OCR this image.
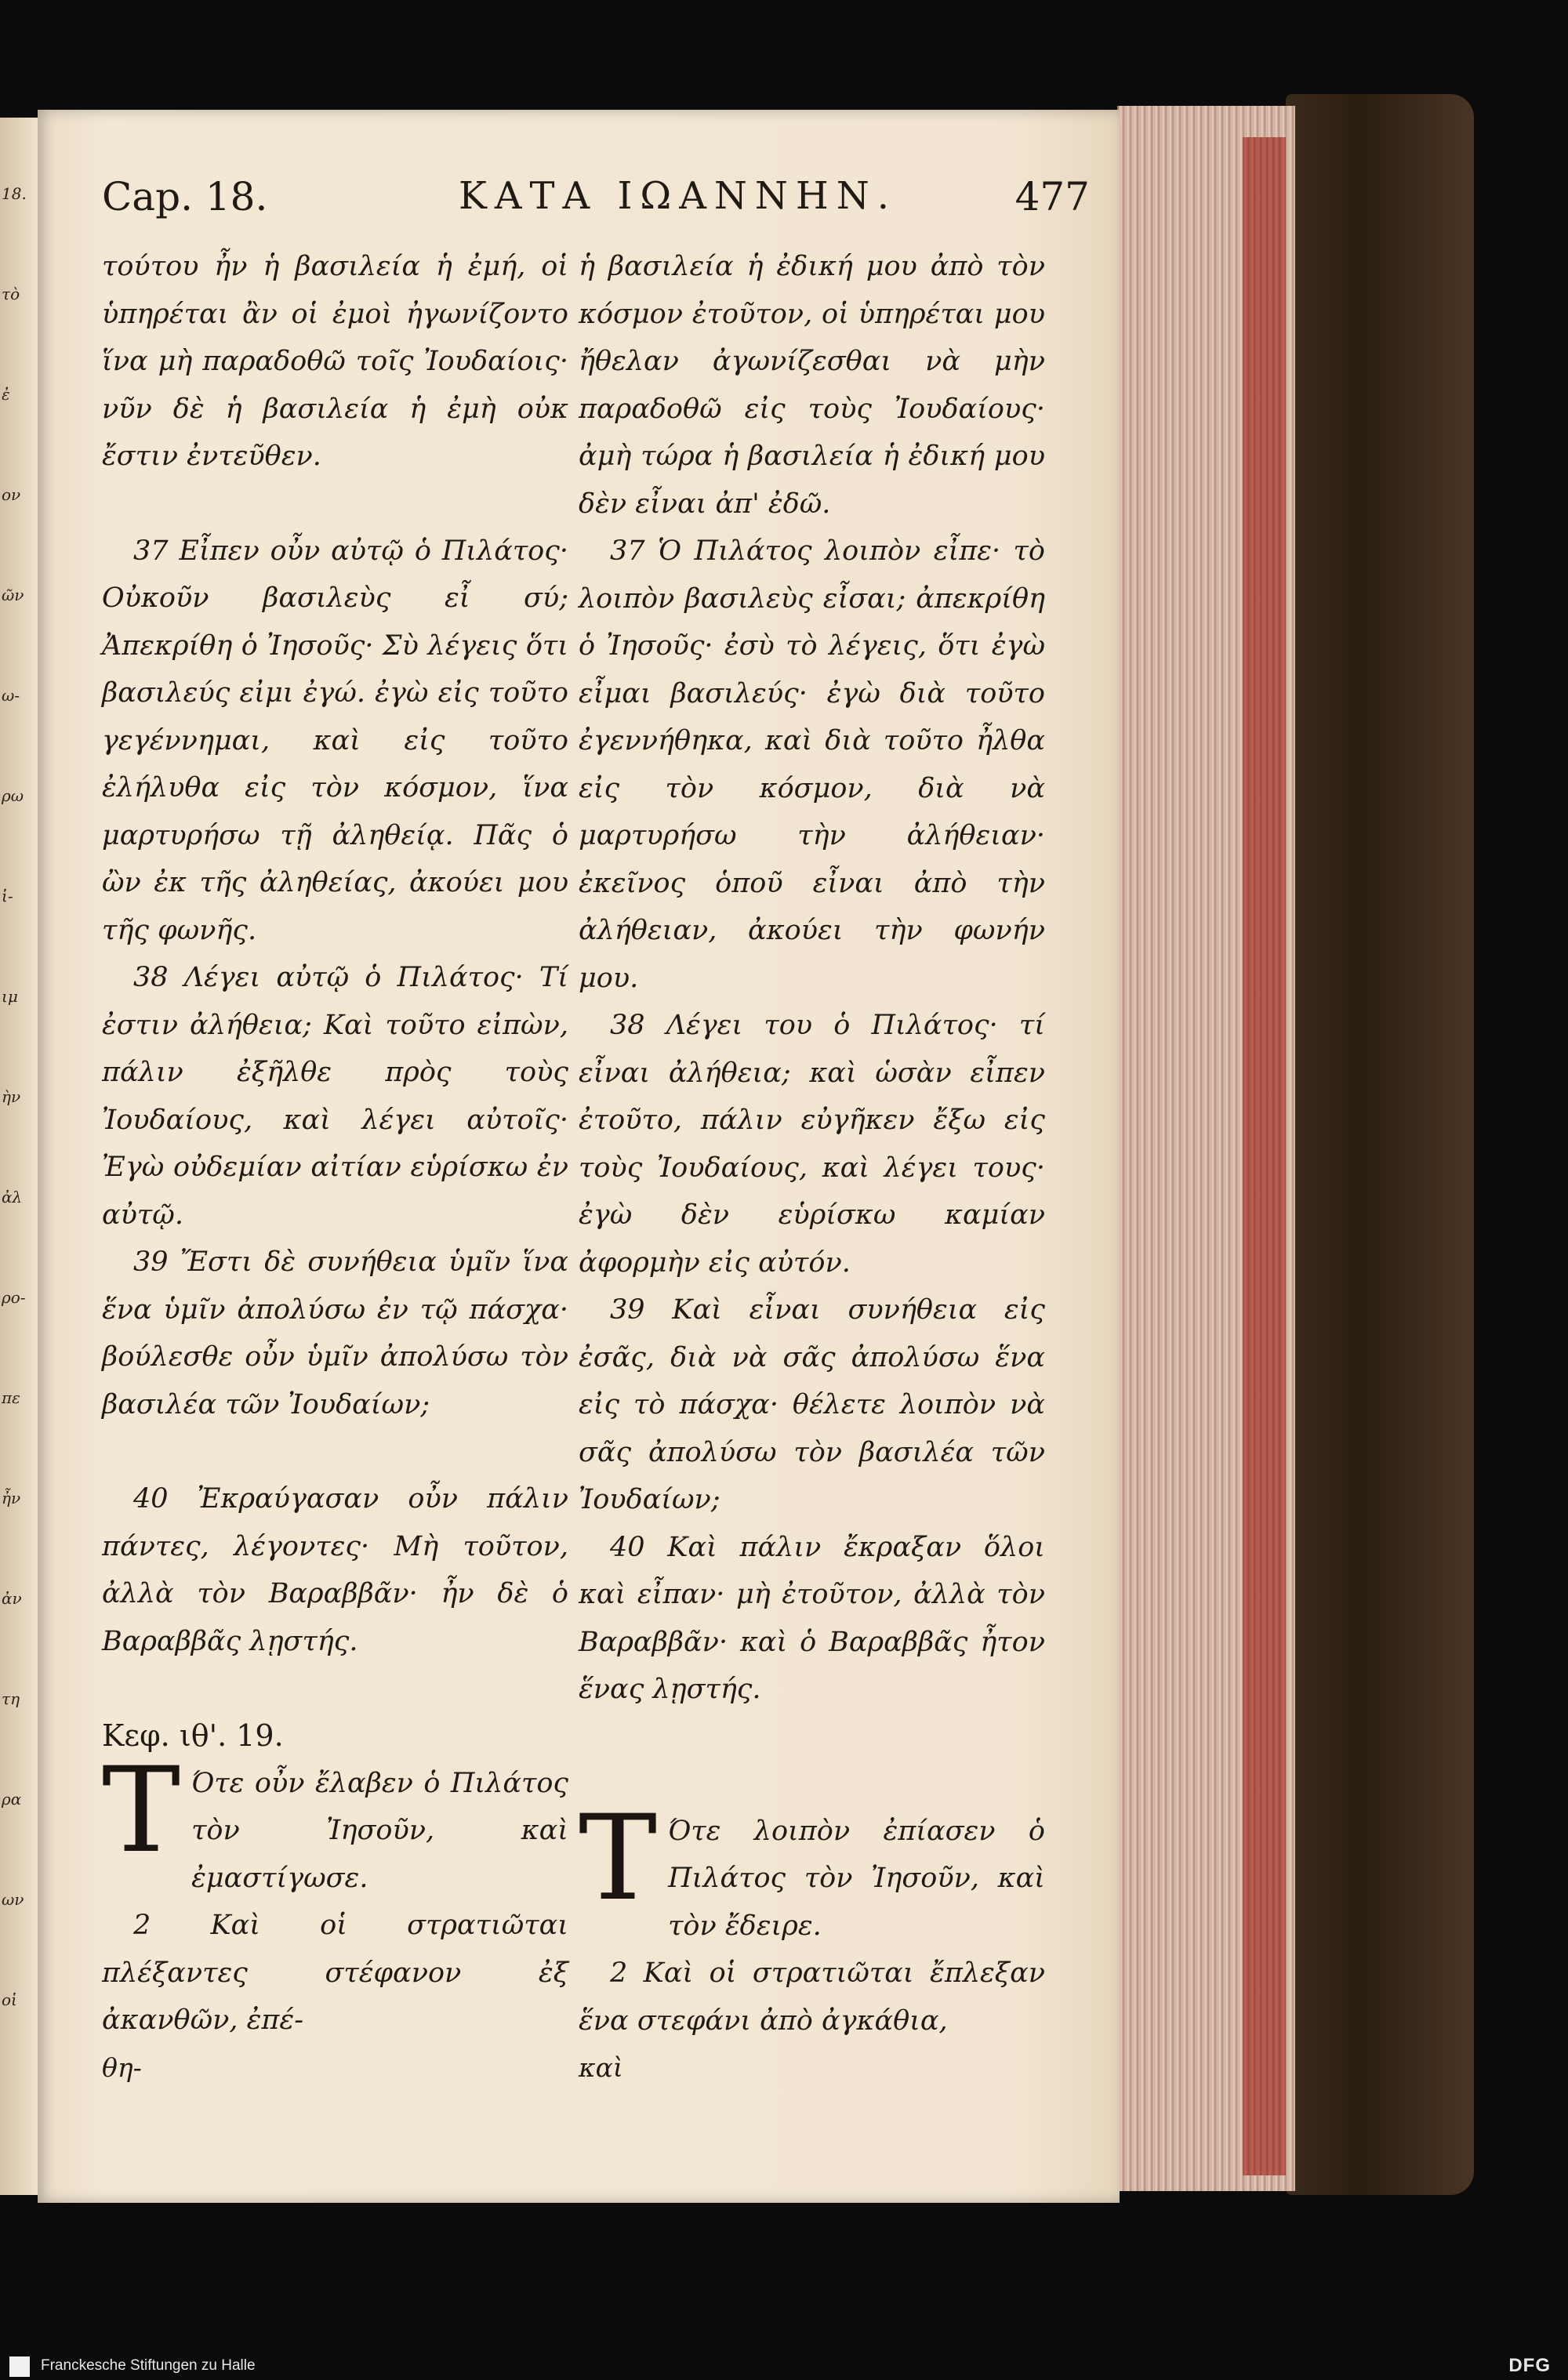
18.
τὸ
ἐ
ον
ῶν
ω-
ρω
ἱ-
ιμ
ὴν
ἀλ
ρο-
πε
ἦν
ἀν
τη
ρα
ων
οἱ
Cap. 18.	ΚΑΤΑ ΙΩΑΝΝΗΝ.	477

τούτου ἦν ἡ βασιλεία ἡ ἐμή, οἱ ὑπηρέται ἂν οἱ ἐμοὶ ἠγωνίζοντο ἵνα μὴ παραδοθῶ τοῖς Ἰουδαίοις· νῦν δὲ ἡ βασιλεία ἡ ἐμὴ οὐκ ἔστιν ἐντεῦθεν.

37 Εἶπεν οὖν αὐτῷ ὁ Πιλάτος· Οὐκοῦν βασιλεὺς εἶ σύ; Ἀπεκρίθη ὁ Ἰησοῦς· Σὺ λέγεις ὅτι βασιλεύς εἰμι ἐγώ. ἐγὼ εἰς τοῦτο γεγέννημαι, καὶ εἰς τοῦτο ἐλήλυθα εἰς τὸν κόσμον, ἵνα μαρτυρήσω τῇ ἀληθείᾳ. Πᾶς ὁ ὢν ἐκ τῆς ἀληθείας, ἀκούει μου τῆς φωνῆς.

38 Λέγει αὐτῷ ὁ Πιλάτος· Τί ἐστιν ἀλήθεια; Καὶ τοῦτο εἰπὼν, πάλιν ἐξῆλθε πρὸς τοὺς Ἰουδαίους, καὶ λέγει αὐτοῖς· Ἐγὼ οὐδεμίαν αἰτίαν εὑρίσκω ἐν αὐτῷ.

39 Ἔστι δὲ συνήθεια ὑμῖν ἵνα ἕνα ὑμῖν ἀπολύσω ἐν τῷ πάσχα· βούλεσθε οὖν ὑμῖν ἀπολύσω τὸν βασιλέα τῶν Ἰουδαίων;

40 Ἐκραύγασαν οὖν πάλιν πάντες, λέγοντες· Μὴ τοῦτον, ἀλλὰ τὸν Βαραββᾶν· ἦν δὲ ὁ Βαραββᾶς λῃστής.

Κεφ. ιθ'. 19.

Τ Ότε οὖν ἔλαβεν ὁ Πιλάτος τὸν Ἰησοῦν, καὶ ἐμαστίγωσε.

2 Καὶ οἱ στρατιῶται πλέξαντες στέφανον ἐξ ἀκανθῶν, ἐπέ-

θη-

ἡ βασιλεία ἡ ἐδική μου ἀπὸ τὸν κόσμον ἐτοῦτον, οἱ ὑπηρέται μου ἤθελαν ἀγωνίζεσθαι νὰ μὴν παραδοθῶ εἰς τοὺς Ἰουδαίους· ἀμὴ τώρα ἡ βασιλεία ἡ ἐδική μου δὲν εἶναι ἀπ' ἐδῶ.

37 Ὁ Πιλάτος λοιπὸν εἶπε· τὸ λοιπὸν βασιλεὺς εἶσαι; ἀπεκρίθη ὁ Ἰησοῦς· ἐσὺ τὸ λέγεις, ὅτι ἐγὼ εἶμαι βασιλεύς· ἐγὼ διὰ τοῦτο ἐγεννήθηκα, καὶ διὰ τοῦτο ἦλθα εἰς τὸν κόσμον, διὰ νὰ μαρτυρήσω τὴν ἀλήθειαν· ἐκεῖνος ὁποῦ εἶναι ἀπὸ τὴν ἀλήθειαν, ἀκούει τὴν φωνήν μου.

38 Λέγει του ὁ Πιλάτος· τί εἶναι ἀλήθεια; καὶ ὡσὰν εἶπεν ἐτοῦτο, πάλιν εὐγῆκεν ἔξω εἰς τοὺς Ἰουδαίους, καὶ λέγει τους· ἐγὼ δὲν εὑρίσκω καμίαν ἀφορμὴν εἰς αὐτόν.

39 Καὶ εἶναι συνήθεια εἰς ἐσᾶς, διὰ νὰ σᾶς ἀπολύσω ἕνα εἰς τὸ πάσχα· θέλετε λοιπὸν νὰ σᾶς ἀπολύσω τὸν βασιλέα τῶν Ἰουδαίων;

40 Καὶ πάλιν ἔκραξαν ὅλοι καὶ εἶπαν· μὴ ἐτοῦτον, ἀλλὰ τὸν Βαραββᾶν· καὶ ὁ Βαραββᾶς ἦτον ἕνας λῃστής.

Τ Ότε λοιπὸν ἐπίασεν ὁ Πιλάτος τὸν Ἰησοῦν, καὶ τὸν ἔδειρε.

2 Καὶ οἱ στρατιῶται ἔπλεξαν ἕνα στεφάνι ἀπὸ ἀγκάθια,

καὶ

Franckesche Stiftungen zu Halle	DFG
